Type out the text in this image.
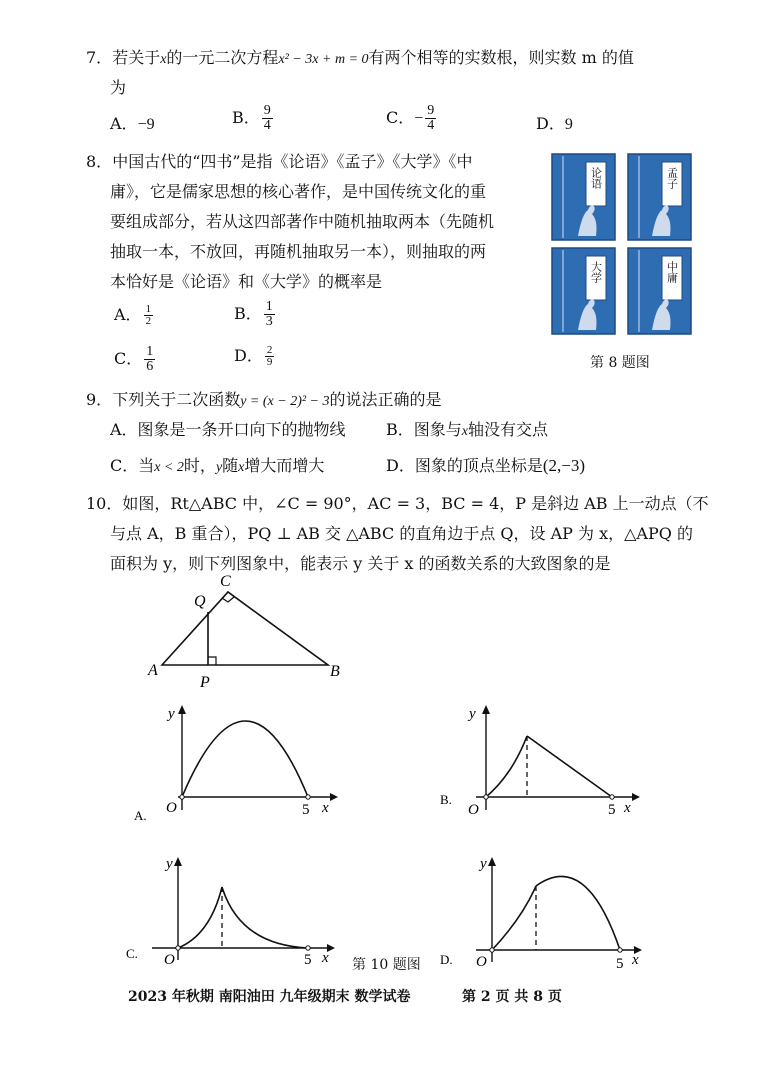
7．若关于x的一元二次方程x² − 3x + m = 0有两个相等的实数根，则实数 m 的值
为
A．−9	B． $\frac{9}{4}$	C．− $\frac{9}{4}$	D．9
8．中国古代的“四书”是指《论语》《孟子》《大学》《中
庸》，它是儒家思想的核心著作，是中国传统文化的重
要组成部分，若从这四部著作中随机抽取两本（先随机
抽取一本，不放回，再随机抽取另一本），则抽取的两
本恰好是《论语》和《大学》的概率是
A． $\frac{1}{2}$	B． $\frac{1}{3}$
C． $\frac{1}{6}$	D． $\frac{2}{9}$
论语	孟子
大学	中庸
第 8 题图
9．下列关于二次函数y = (x − 2)² − 3的说法正确的是
A．图象是一条开口向下的抛物线	B．图象与x轴没有交点
C．当x < 2时，y随x增大而增大	D．图象的顶点坐标是(2,−3)
10．如图，Rt△ABC 中，∠C = 90°，AC = 3，BC = 4，P 是斜边 AB 上一动点（不
与点 A，B 重合），PQ ⊥ AB 交 △ABC 的直角边于点 Q，设 AP 为 x，△APQ 的
面积为 y，则下列图象中，能表示 y 关于 x 的函数关系的大致图象的是
A	B
C
P
Q
y
O	5 x
A.
y
O	5 x
B.
y
O	5 x
C.
第 10 题图
y
O	5 x
D.
2023 年秋期 南阳油田 九年级期末 数学试卷	第 2 页 共 8 页
